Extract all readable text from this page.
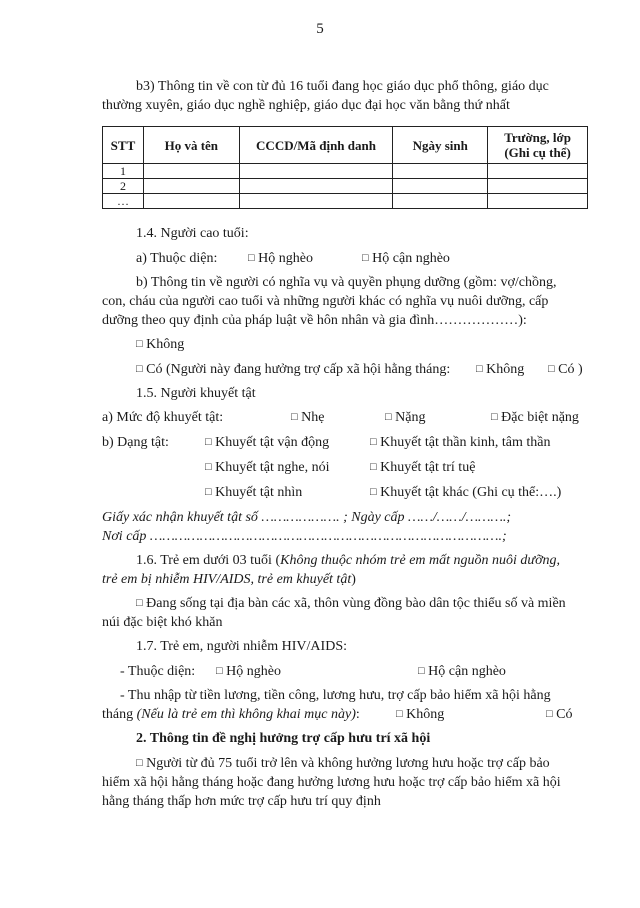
5
b3) Thông tin về con từ đủ 16 tuổi đang học giáo dục phổ thông, giáo dục
thường xuyên, giáo dục nghề nghiệp, giáo dục đại học văn bằng thứ nhất
STT	Họ và tên	CCCD/Mã định danh	Ngày sinh	Trường, lớp
(Ghi cụ thể)
1				
2				
…				
1.4. Người cao tuổi:
a) Thuộc diện:	□ Hộ nghèo	□ Hộ cận nghèo
b) Thông tin về người có nghĩa vụ và quyền phụng dưỡng (gồm: vợ/chồng,
con, cháu của người cao tuổi và những người khác có nghĩa vụ nuôi dưỡng, cấp
dưỡng theo quy định của pháp luật về hôn nhân và gia đình………………):
□ Không
□ Có (Người này đang hưởng trợ cấp xã hội hằng tháng: □ Không □ Có )
1.5. Người khuyết tật
a) Mức độ khuyết tật:	□ Nhẹ	□ Nặng	□ Đặc biệt nặng
b) Dạng tật:	□ Khuyết tật vận động	□ Khuyết tật thần kinh, tâm thần
□ Khuyết tật nghe, nói	□ Khuyết tật trí tuệ
□ Khuyết tật nhìn	□ Khuyết tật khác (Ghi cụ thể:….)
Giấy xác nhận khuyết tật số ………………. ; Ngày cấp ……/……/……….;
Nơi cấp ………………………………………………………………………….;
1.6. Trẻ em dưới 03 tuổi (Không thuộc nhóm trẻ em mất nguồn nuôi dưỡng,
trẻ em bị nhiễm HIV/AIDS, trẻ em khuyết tật)
□ Đang sống tại địa bàn các xã, thôn vùng đồng bào dân tộc thiểu số và miền
núi đặc biệt khó khăn
1.7. Trẻ em, người nhiễm HIV/AIDS:
- Thuộc diện: □ Hộ nghèo	□ Hộ cận nghèo
- Thu nhập từ tiền lương, tiền công, lương hưu, trợ cấp bảo hiểm xã hội hằng
tháng (Nếu là trẻ em thì không khai mục này):	□ Không	□ Có
2. Thông tin đề nghị hưởng trợ cấp hưu trí xã hội
□ Người từ đủ 75 tuổi trở lên và không hưởng lương hưu hoặc trợ cấp bảo
hiểm xã hội hằng tháng hoặc đang hưởng lương hưu hoặc trợ cấp bảo hiểm xã hội
hằng tháng thấp hơn mức trợ cấp hưu trí quy định
